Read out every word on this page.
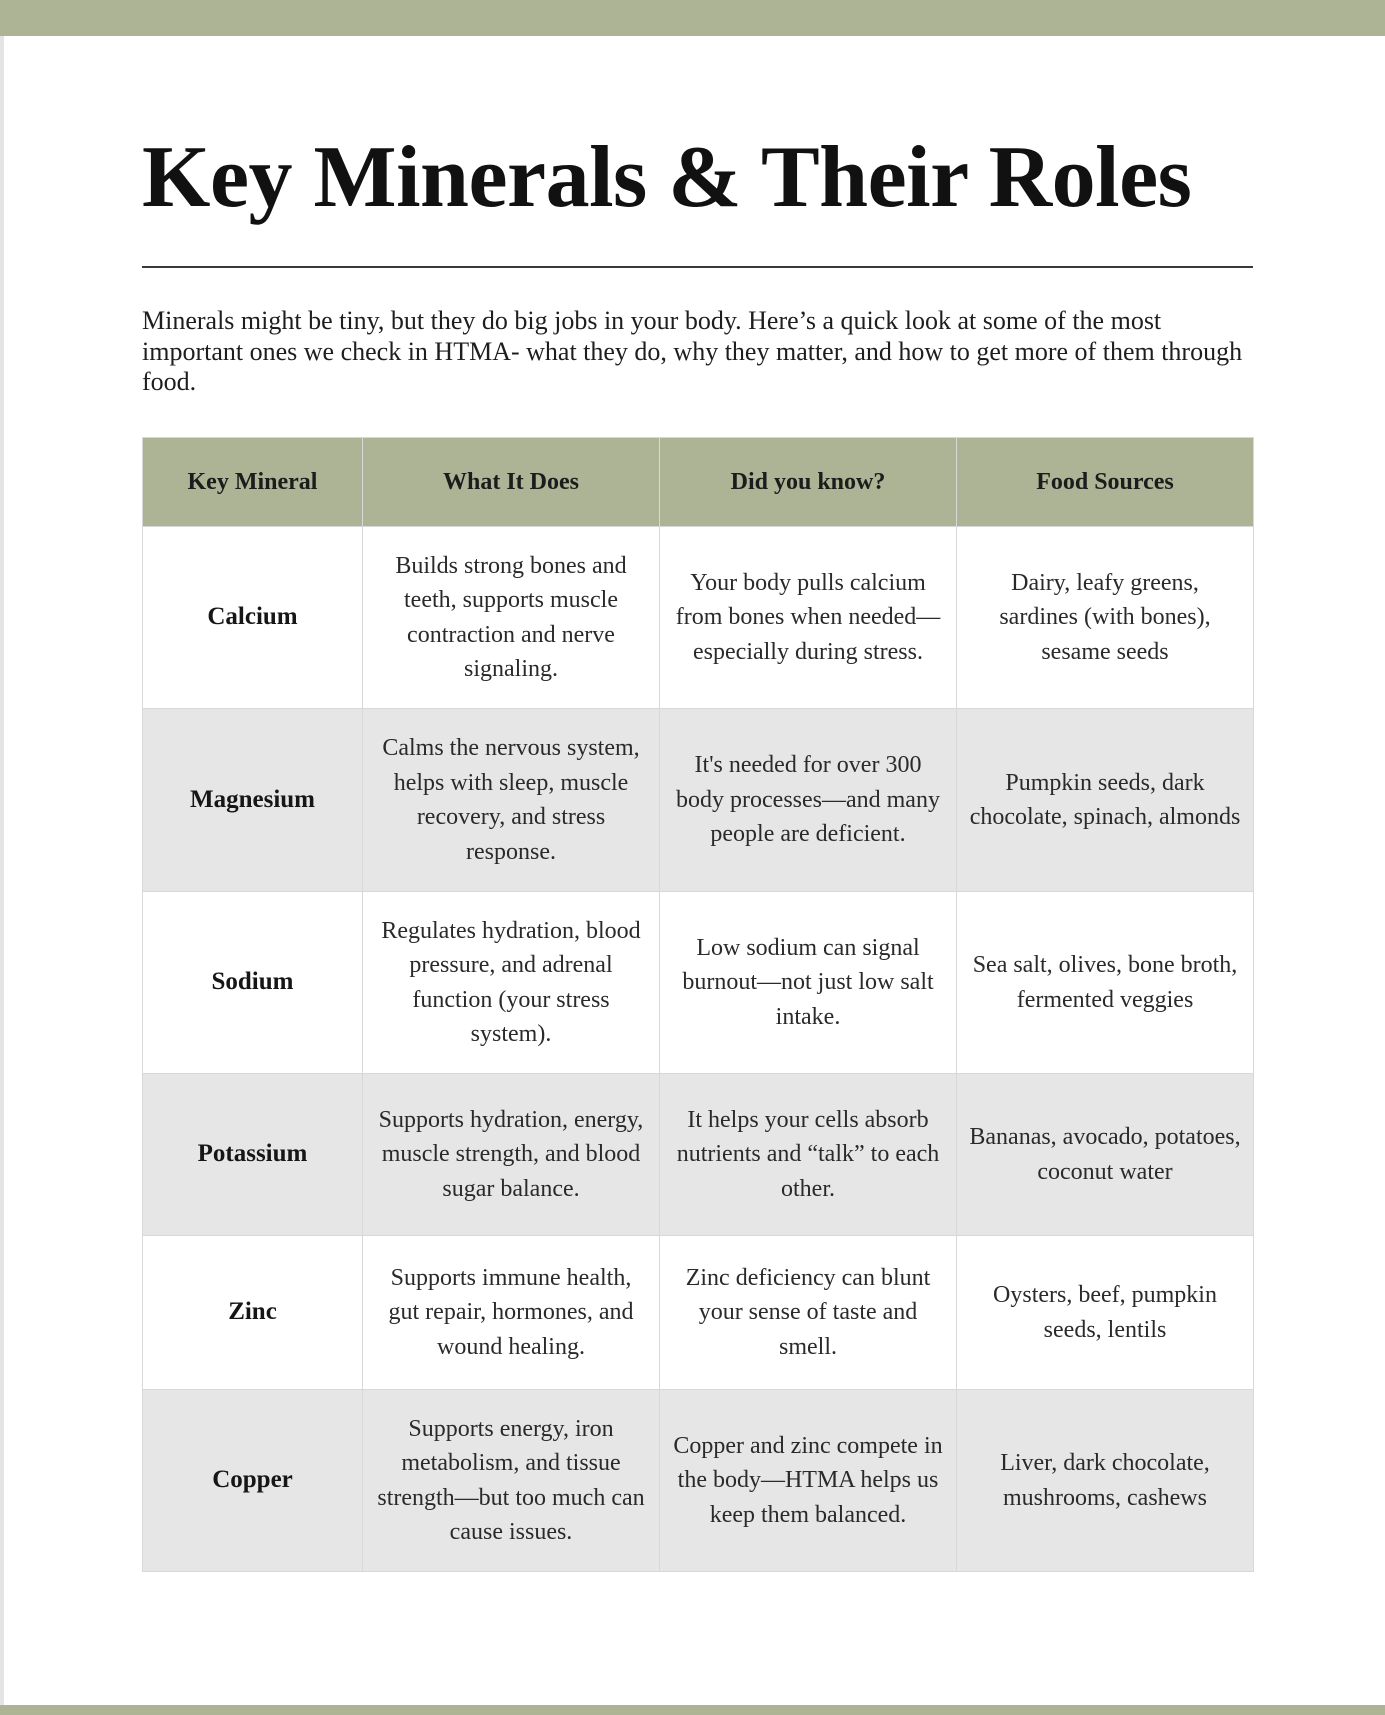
Key Minerals & Their Roles

Minerals might be tiny, but they do big jobs in your body. Here’s a quick look at some of the most important ones we check in HTMA- what they do, why they matter, and how to get more of them through food.

Key Mineral	What It Does	Did you know?	Food Sources
Calcium	Builds strong bones and teeth, supports muscle contraction and nerve signaling.	Your body pulls calcium from bones when needed—especially during stress.	Dairy, leafy greens, sardines (with bones), sesame seeds
Magnesium	Calms the nervous system, helps with sleep, muscle recovery, and stress response.	It's needed for over 300 body processes—and many people are deficient.	Pumpkin seeds, dark chocolate, spinach, almonds
Sodium	Regulates hydration, blood pressure, and adrenal function (your stress system).	Low sodium can signal burnout—not just low salt intake.	Sea salt, olives, bone broth, fermented veggies
Potassium	Supports hydration, energy, muscle strength, and blood sugar balance.	It helps your cells absorb nutrients and “talk” to each other.	Bananas, avocado, potatoes, coconut water
Zinc	Supports immune health, gut repair, hormones, and wound healing.	Zinc deficiency can blunt your sense of taste and smell.	Oysters, beef, pumpkin seeds, lentils
Copper	Supports energy, iron metabolism, and tissue strength—but too much can cause issues.	Copper and zinc compete in the body—HTMA helps us keep them balanced.	Liver, dark chocolate, mushrooms, cashews
